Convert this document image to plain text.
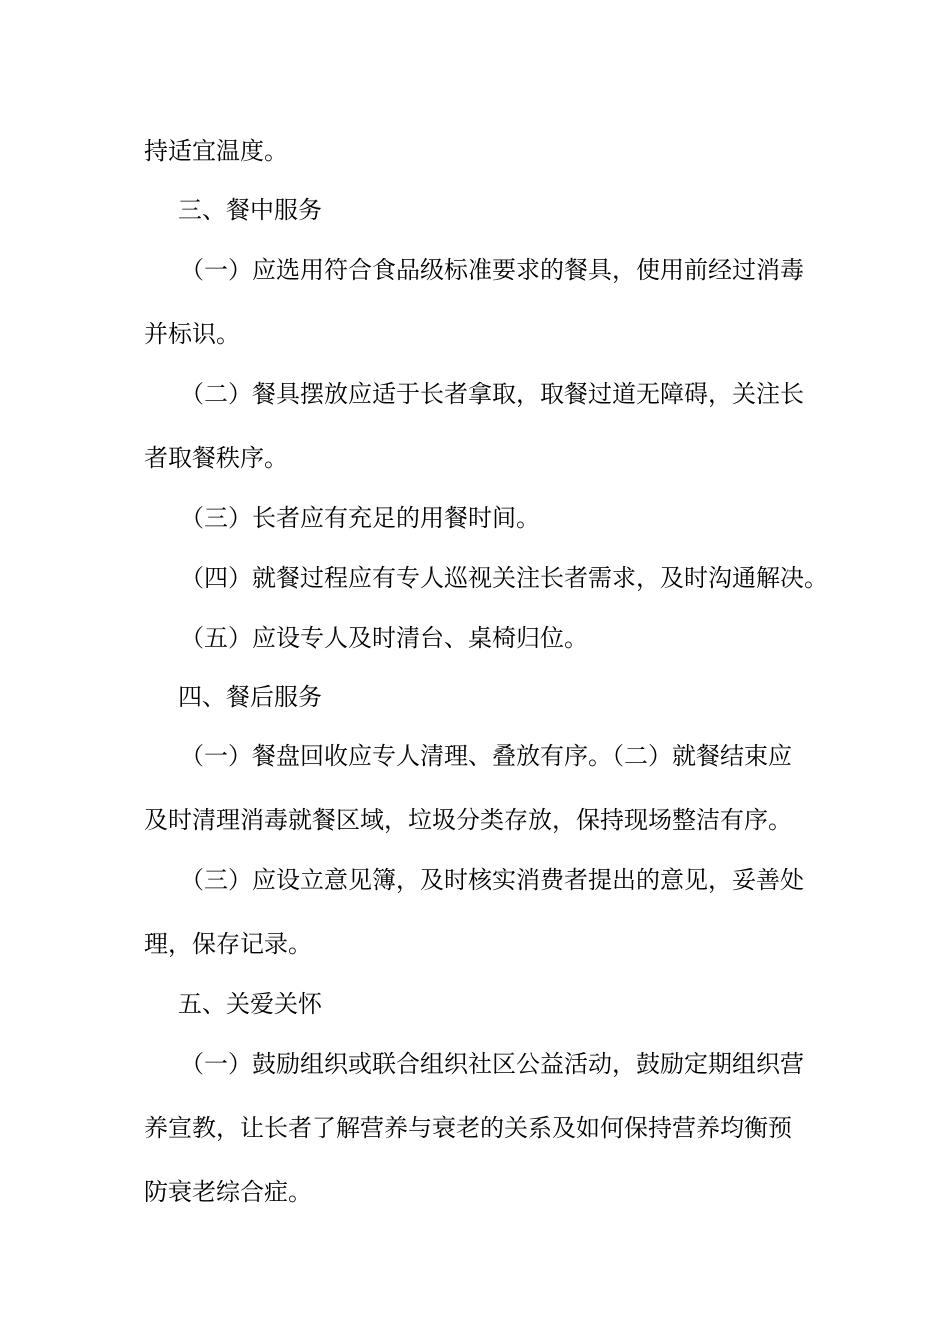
持适宜温度。
三、餐中服务
（一）应选用符合食品级标准要求的餐具，使用前经过消毒
并标识。
（二）餐具摆放应适于长者拿取，取餐过道无障碍，关注长
者取餐秩序。
（三）长者应有充足的用餐时间。
（四）就餐过程应有专人巡视关注长者需求，及时沟通解决。
（五）应设专人及时清台、桌椅归位。
四、餐后服务
（一）餐盘回收应专人清理、叠放有序。（二）就餐结束应
及时清理消毒就餐区域，垃圾分类存放，保持现场整洁有序。
（三）应设立意见簿，及时核实消费者提出的意见，妥善处
理，保存记录。
五、关爱关怀
（一）鼓励组织或联合组织社区公益活动，鼓励定期组织营
养宣教，让长者了解营养与衰老的关系及如何保持营养均衡预
防衰老综合症。
